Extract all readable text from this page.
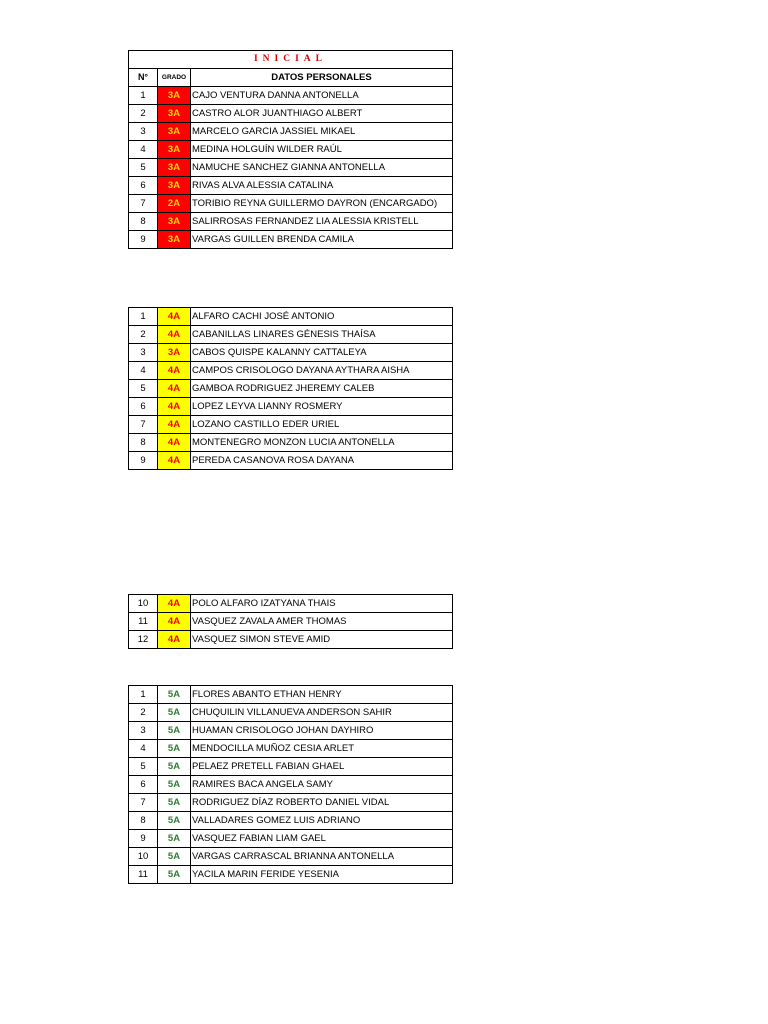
INICIAL		
N°	GRADO	DATOS PERSONALES
1	3A	CAJO VENTURA DANNA ANTONELLA
2	3A	CASTRO ALOR JUANTHIAGO ALBERT
3	3A	MARCELO GARCIA JASSIEL MIKAEL
4	3A	MEDINA HOLGUÍN WILDER RAÚL
5	3A	NAMUCHE SANCHEZ GIANNA ANTONELLA
6	3A	RIVAS ALVA ALESSIA CATALINA
7	2A	TORIBIO REYNA GUILLERMO DAYRON (ENCARGADO)
8	3A	SALIRROSAS FERNANDEZ LIA ALESSIA KRISTELL
9	3A	VARGAS GUILLEN BRENDA CAMILA
1	4A	ALFARO CACHI JOSÉ ANTONIO
2	4A	CABANILLAS LINARES GÉNESIS THAÍSA
3	3A	CABOS QUISPE KALANNY CATTALEYA
4	4A	CAMPOS CRISOLOGO DAYANA AYTHARA AISHA
5	4A	GAMBOA RODRIGUEZ JHEREMY CALEB
6	4A	LOPEZ LEYVA LIANNY ROSMERY
7	4A	LOZANO CASTILLO EDER URIEL
8	4A	MONTENEGRO MONZON LUCIA ANTONELLA
9	4A	PEREDA CASANOVA ROSA DAYANA
10	4A	POLO ALFARO IZATYANA THAIS
11	4A	VASQUEZ ZAVALA AMER THOMAS
12	4A	VASQUEZ SIMON STEVE AMID
1	5A	FLORES ABANTO ETHAN HENRY
2	5A	CHUQUILIN VILLANUEVA ANDERSON SAHIR
3	5A	HUAMAN CRISOLOGO JOHAN DAYHIRO
4	5A	MENDOCILLA MUÑOZ CESIA ARLET
5	5A	PELAEZ PRETELL FABIAN GHAEL
6	5A	RAMIRES BACA ANGELA SAMY
7	5A	RODRIGUEZ DÍAZ ROBERTO DANIEL VIDAL
8	5A	VALLADARES GOMEZ LUIS ADRIANO
9	5A	VASQUEZ FABIAN LIAM GAEL
10	5A	VARGAS CARRASCAL BRIANNA ANTONELLA
11	5A	YACILA MARIN FERIDE YESENIA
